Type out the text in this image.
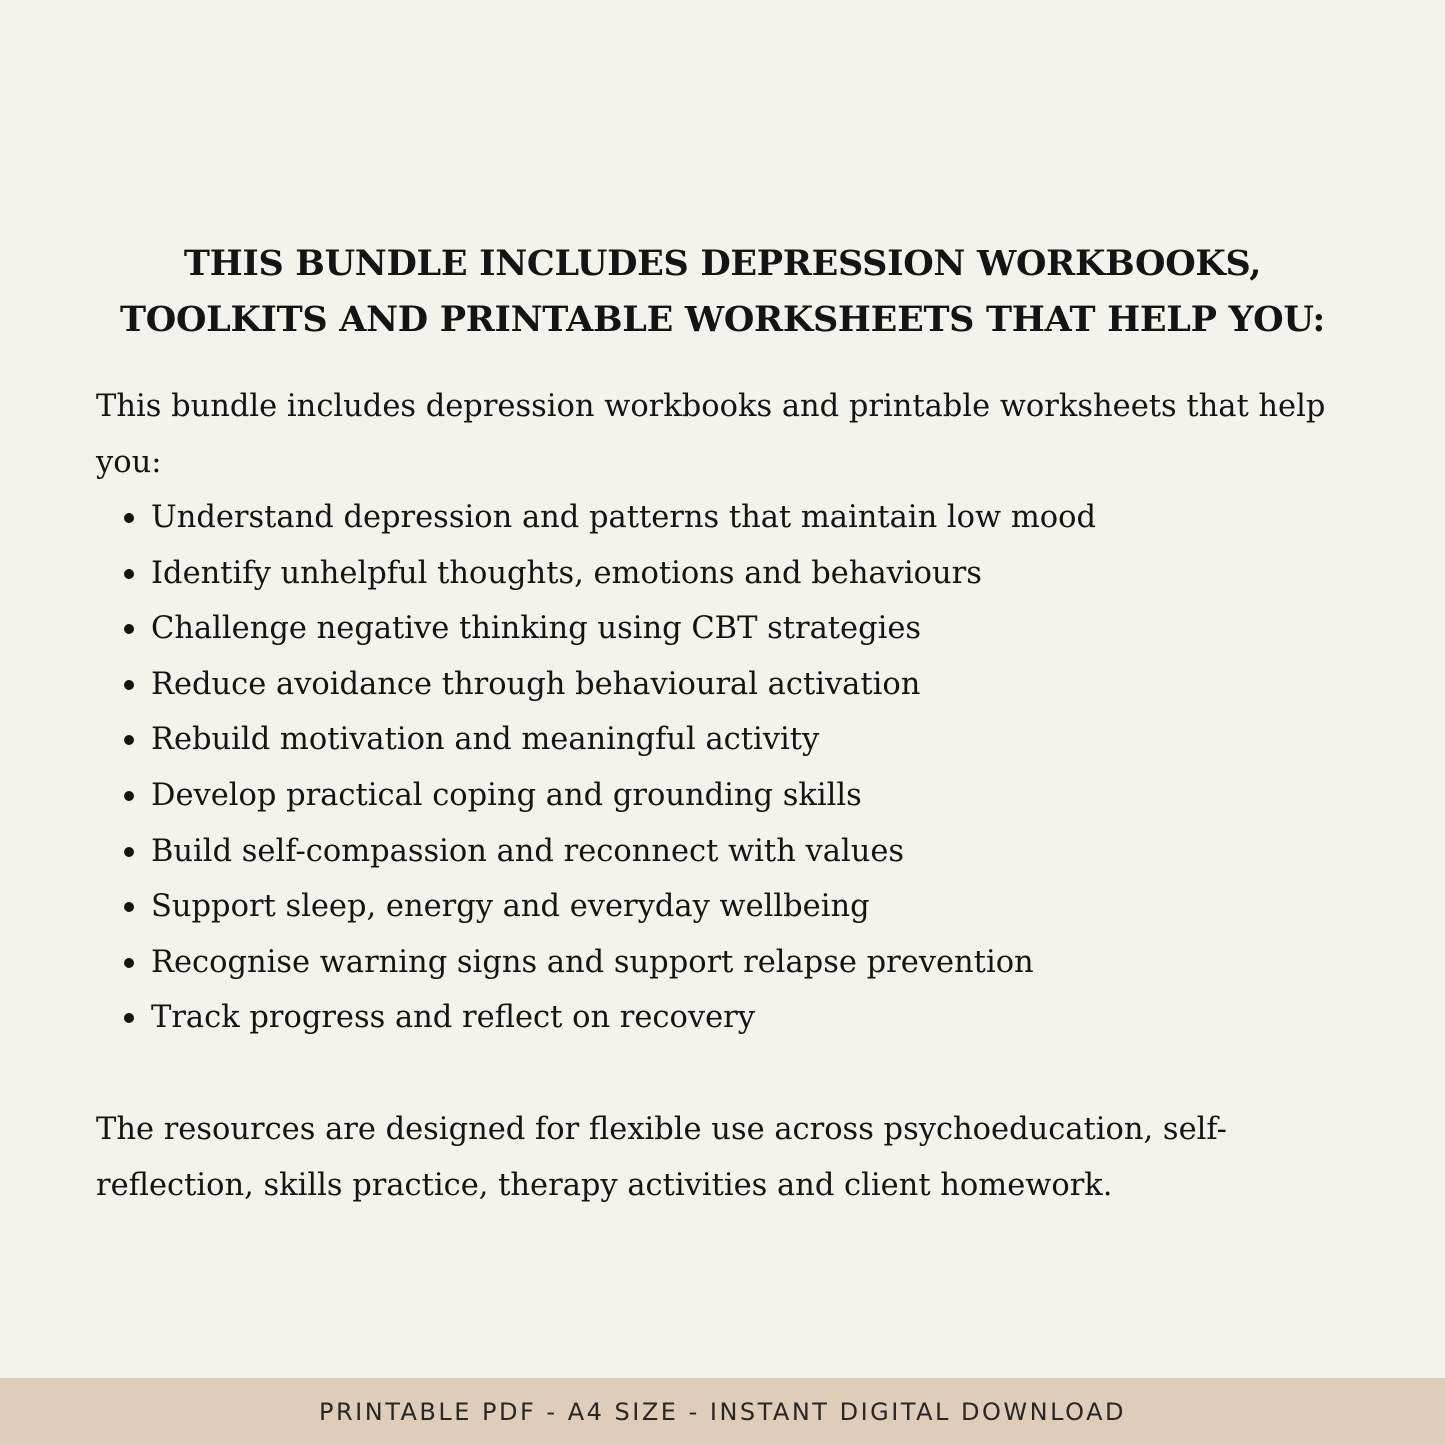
THIS BUNDLE INCLUDES DEPRESSION WORKBOOKS,
TOOLKITS AND PRINTABLE WORKSHEETS THAT HELP YOU:

This bundle includes depression workbooks and printable worksheets that help you:

Understand depression and patterns that maintain low mood
Identify unhelpful thoughts, emotions and behaviours
Challenge negative thinking using CBT strategies
Reduce avoidance through behavioural activation
Rebuild motivation and meaningful activity
Develop practical coping and grounding skills
Build self-compassion and reconnect with values
Support sleep, energy and everyday wellbeing
Recognise warning signs and support relapse prevention
Track progress and reflect on recovery

The resources are designed for flexible use across psychoeducation, self-
reflection, skills practice, therapy activities and client homework.

PRINTABLE PDF - A4 SIZE - INSTANT DIGITAL DOWNLOAD
